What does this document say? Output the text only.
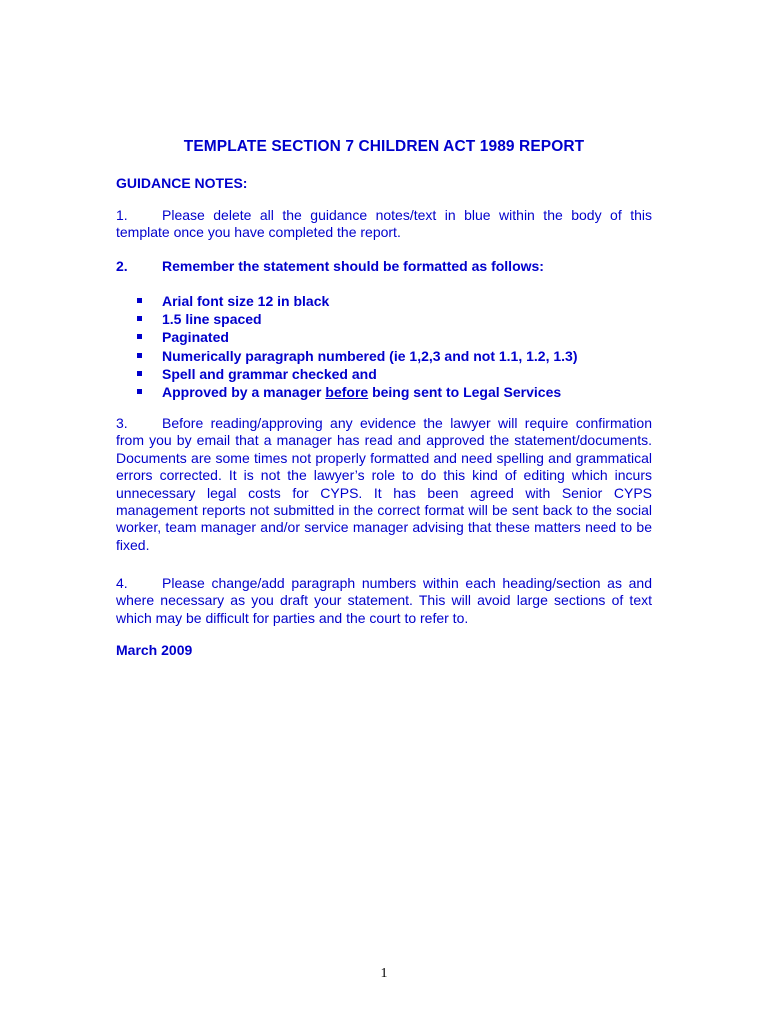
TEMPLATE SECTION 7 CHILDREN ACT 1989 REPORT
GUIDANCE NOTES:
1. Please delete all the guidance notes/text in blue within the body of this template once you have completed the report.
2. Remember the statement should be formatted as follows:
Arial font size 12 in black
1.5 line spaced
Paginated
Numerically paragraph numbered (ie 1,2,3 and not 1.1, 1.2, 1.3)
Spell and grammar checked and
Approved by a manager before being sent to Legal Services
3. Before reading/approving any evidence the lawyer will require confirmation from you by email that a manager has read and approved the statement/documents. Documents are some times not properly formatted and need spelling and grammatical errors corrected. It is not the lawyer’s role to do this kind of editing which incurs unnecessary legal costs for CYPS. It has been agreed with Senior CYPS management reports not submitted in the correct format will be sent back to the social worker, team manager and/or service manager advising that these matters need to be fixed.
4. Please change/add paragraph numbers within each heading/section as and where necessary as you draft your statement. This will avoid large sections of text which may be difficult for parties and the court to refer to.
March 2009
1
